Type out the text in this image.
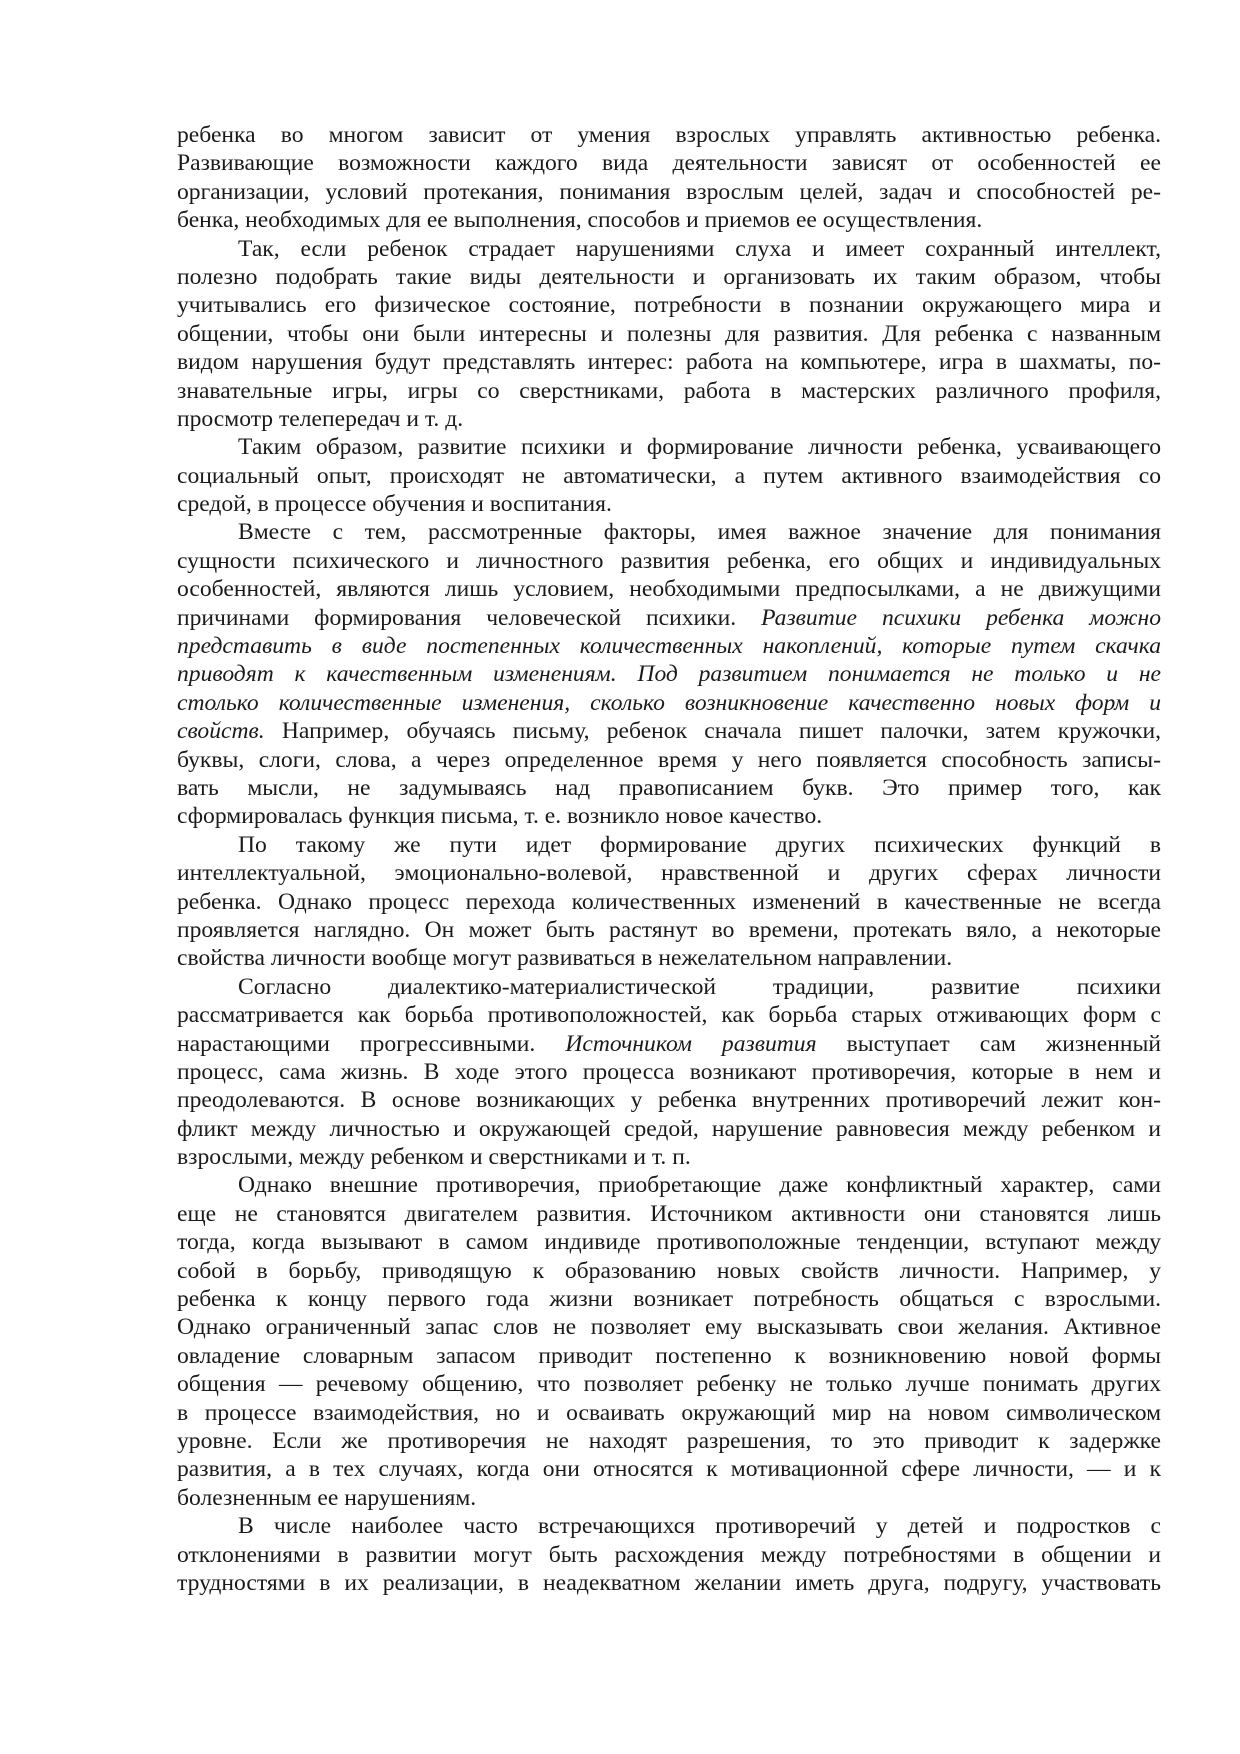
ребенка во многом зависит от умения взрослых управлять активностью ребенка.
Развивающие возможности каждого вида деятельности зависят от особенностей ее
организации, условий протекания, понимания взрослым целей, задач и способностей ре-
бенка, необходимых для ее выполнения, способов и приемов ее осуществления.
Так, если ребенок страдает нарушениями слуха и имеет сохранный интеллект,
полезно подобрать такие виды деятельности и организовать их таким образом, чтобы
учитывались его физическое состояние, потребности в познании окружающего мира и
общении, чтобы они были интересны и полезны для развития. Для ребенка с названным
видом нарушения будут представлять интерес: работа на компьютере, игра в шахматы, по-
знавательные игры, игры со сверстниками, работа в мастерских различного профиля,
просмотр телепередач и т. д.
Таким образом, развитие психики и формирование личности ребенка, усваивающего
социальный опыт, происходят не автоматически, а путем активного взаимодействия со
средой, в процессе обучения и воспитания.
Вместе с тем, рассмотренные факторы, имея важное значение для понимания
сущности психического и личностного развития ребенка, его общих и индивидуальных
особенностей, являются лишь условием, необходимыми предпосылками, а не движущими
причинами формирования человеческой психики. Развитие психики ребенка можно
представить в виде постепенных количественных накоплений, которые путем скачка
приводят к качественным изменениям. Под развитием понимается не только и не
столько количественные изменения, сколько возникновение качественно новых форм и
свойств. Например, обучаясь письму, ребенок сначала пишет палочки, затем кружочки,
буквы, слоги, слова, а через определенное время у него появляется способность записы-
вать мысли, не задумываясь над правописанием букв. Это пример того, как
сформировалась функция письма, т. е. возникло новое качество.
По такому же пути идет формирование других психических функций в
интеллектуальной, эмоционально-волевой, нравственной и других сферах личности
ребенка. Однако процесс перехода количественных изменений в качественные не всегда
проявляется наглядно. Он может быть растянут во времени, протекать вяло, а некоторые
свойства личности вообще могут развиваться в нежелательном направлении.
Согласно диалектико-материалистической традиции, развитие психики
рассматривается как борьба противоположностей, как борьба старых отживающих форм с
нарастающими прогрессивными. Источником развития выступает сам жизненный
процесс, сама жизнь. В ходе этого процесса возникают противоречия, которые в нем и
преодолеваются. В основе возникающих у ребенка внутренних противоречий лежит кон-
фликт между личностью и окружающей средой, нарушение равновесия между ребенком и
взрослыми, между ребенком и сверстниками и т. п.
Однако внешние противоречия, приобретающие даже конфликтный характер, сами
еще не становятся двигателем развития. Источником активности они становятся лишь
тогда, когда вызывают в самом индивиде противоположные тенденции, вступают между
собой в борьбу, приводящую к образованию новых свойств личности. Например, у
ребенка к концу первого года жизни возникает потребность общаться с взрослыми.
Однако ограниченный запас слов не позволяет ему высказывать свои желания. Активное
овладение словарным запасом приводит постепенно к возникновению новой формы
общения — речевому общению, что позволяет ребенку не только лучше понимать других
в процессе взаимодействия, но и осваивать окружающий мир на новом символическом
уровне. Если же противоречия не находят разрешения, то это приводит к задержке
развития, а в тех случаях, когда они относятся к мотивационной сфере личности, — и к
болезненным ее нарушениям.
В числе наиболее часто встречающихся противоречий у детей и подростков с
отклонениями в развитии могут быть расхождения между потребностями в общении и
трудностями в их реализации, в неадекватном желании иметь друга, подругу, участвовать
